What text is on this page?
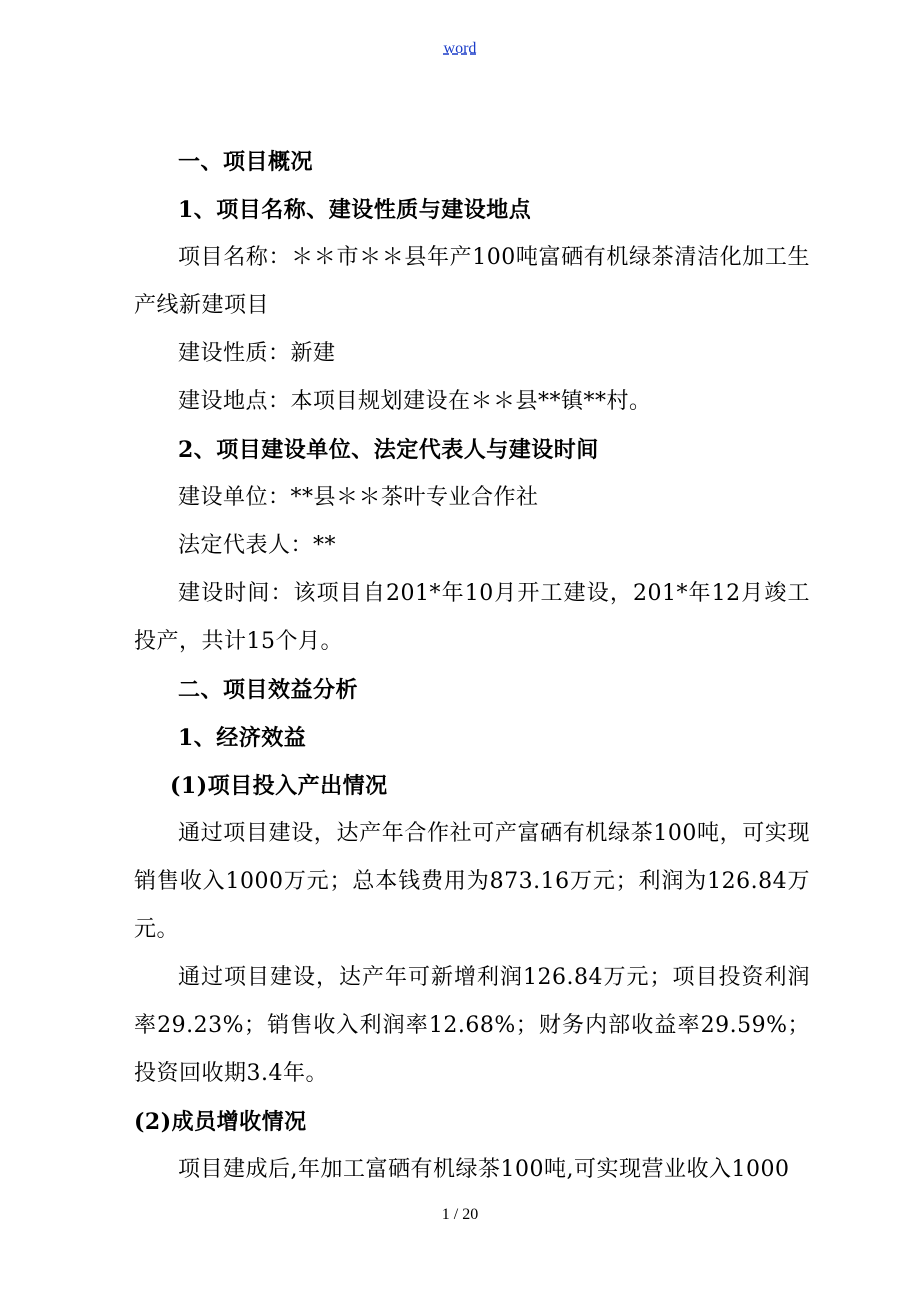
word

一、项目概况

1、项目名称、建设性质与建设地点

项目名称：＊＊市＊＊县年产100吨富硒有机绿茶清洁化加工生产线新建项目

建设性质：新建

建设地点：本项目规划建设在＊＊县**镇**村。

2、项目建设单位、法定代表人与建设时间

建设单位：**县＊＊茶叶专业合作社

法定代表人：**

建设时间：该项目自201*年10月开工建设，201*年12月竣工投产，共计15个月。

二、项目效益分析

1、经济效益

(1)项目投入产出情况

通过项目建设，达产年合作社可产富硒有机绿茶100吨，可实现销售收入1000万元；总本钱费用为873.16万元；利润为126.84万元。

通过项目建设，达产年可新增利润126.84万元；项目投资利润率29.23%；销售收入利润率12.68%；财务内部收益率29.59%；投资回收期3.4年。

(2)成员增收情况

项目建成后,年加工富硒有机绿茶100吨,可实现营业收入1000

1 / 20
